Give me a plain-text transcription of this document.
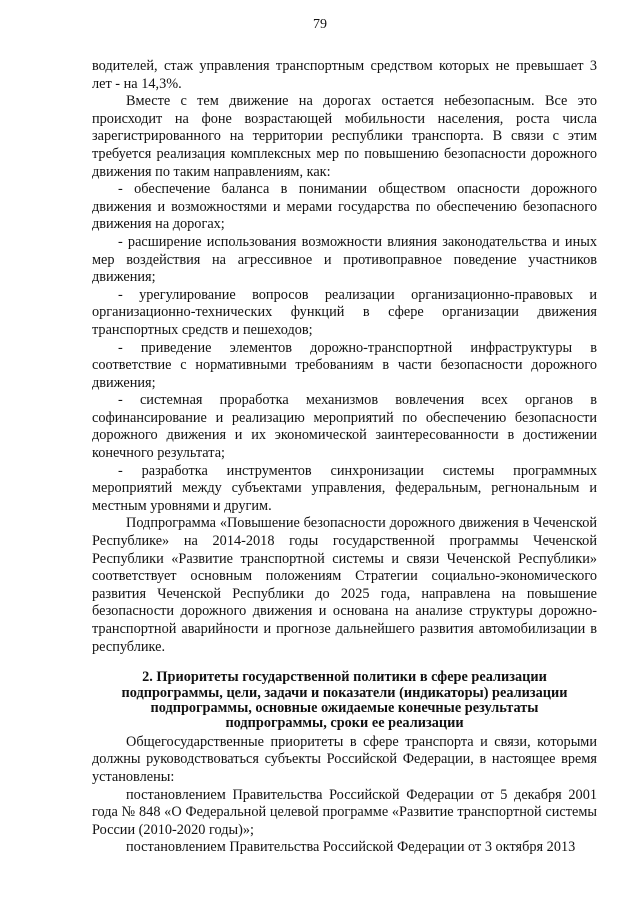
79

водителей, стаж управления транспортным средством которых не превышает 3 лет - на 14,3%.

Вместе с тем движение на дорогах остается небезопасным. Все это происходит на фоне возрастающей мобильности населения, роста числа зарегистрированного на территории республики транспорта. В связи с этим требуется реализация комплексных мер по повышению безопасности дорожного движения по таким направлениям, как:

- обеспечение баланса в понимании обществом опасности дорожного движения и возможностями и мерами государства по обеспечению безопасного движения на дорогах;

- расширение использования возможности влияния законодательства и иных мер воздействия на агрессивное и противоправное поведение участников движения;

- урегулирование вопросов реализации организационно-правовых и организационно-технических функций в сфере организации движения транспортных средств и пешеходов;

- приведение элементов дорожно-транспортной инфраструктуры в соответствие с нормативными требованиям в части безопасности дорожного движения;

- системная проработка механизмов вовлечения всех органов в софинансирование и реализацию мероприятий по обеспечению безопасности дорожного движения и их экономической заинтересованности в достижении конечного результата;

- разработка инструментов синхронизации системы программных мероприятий между субъектами управления, федеральным, регнональным и местным уровнями и другим.

Подпрограмма «Повышение безопасности дорожного движения в Чеченской Республике» на 2014-2018 годы государственной программы Чеченской Республики «Развитие транспортной системы и связи Чеченской Республики» соответствует основным положениям Стратегии социально-экономического развития Чеченской Республики до 2025 года, направлена на повышение безопасности дорожного движения и основана на анализе структуры дорожно-транспортной аварийности и прогнозе дальнейшего развития автомобилизации в республике.

2. Приоритеты государственной политики в сфере реализации
подпрограммы, цели, задачи и показатели (индикаторы) реализации
подпрограммы, основные ожидаемые конечные результаты
подпрограммы, сроки ее реализации

Общегосударственные приоритеты в сфере транспорта и связи, которыми должны руководствоваться субъекты Российской Федерации, в настоящее время установлены:

постановлением Правительства Российской Федерации от 5 декабря 2001 года № 848 «О Федеральной целевой программе «Развитие транспортной системы России (2010-2020 годы)»;

постановлением Правительства Российской Федерации от 3 октября 2013
